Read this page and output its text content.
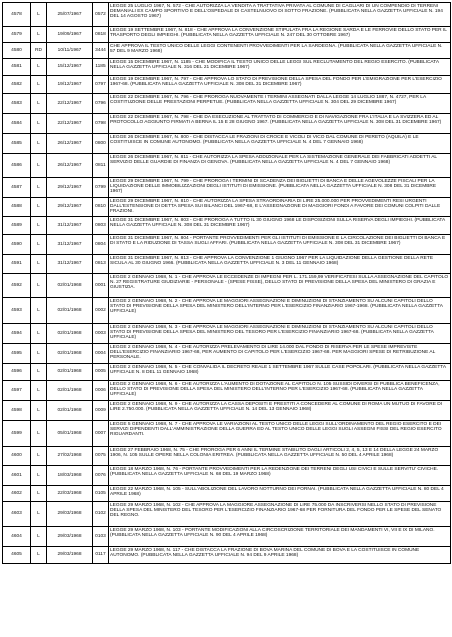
4578	L	25/07/1967	0572	LEGGE 25 LUGLIO 1967, N. 572 - CHE AUTORIZZA LA VENDITA A TRATTATIVA PRIVATA AL COMUNE DI CAGLIARI DI UN COMPENDIO DI TERRENI DEMANIALI EX CAMPO SPORTIVO E DELL'OSPEDALE DI CASTELNUOVO DI SOTTO FRAZIONE. (PUBBLICATA NELLA GAZZETTA UFFICIALE N. 194 DEL 14 AGOSTO 1967)
4579	L	19/09/1967	0818	LEGGE 19 SETTEMBRE 1967, N. 818 - CHE APPROVA LA CONVENZIONE STIPULATA FRA LA REGIONE SARDA E LE FERROVIE DELLO STATO PER IL TRASPORTO DEGLI IMPIEGHI. (PUBBLICATA NELLA GAZZETTA UFFICIALE N. 247 DEL 30 OTTOBRE 1967)
4580	RD	10/11/1967	3444	CHE APPROVA IL TESTO UNICO DELLE LEGGI CONTENENTI PROVVEDIMENTI PER LA SARDEGNA. (PUBBLICATA NELLA GAZZETTA UFFICIALE N. 57 DEL 9 MARZO 1968)
4581	L	15/12/1967	1185	LEGGE 15 DICEMBRE 1967, N. 1185 - CHE MODIFICA IL TESTO UNICO DELLE LEGGI SUL RECLUTAMENTO DEL REGIO ESERCITO. (PUBBLICATA NELLA GAZZETTA UFFICIALE N. 316 DEL 21 DICEMBRE 1967)
4582	L	19/12/1967	0797	LEGGE 19 DICEMBRE 1967, N. 797 - CHE APPROVA LO STATO DI PREVISIONE DELLA SPESA DEL FONDO PER L'EMIGRAZIONE PER L'ESERCIZIO 1967-68. (PUBBLICATA NELLA GAZZETTA UFFICIALE N. 308 DEL 31 DICEMBRE 1967)
4583	L	22/12/1967	0796	LEGGE 22 DICEMBRE 1967, N. 796 - CHE PROROGA NUOVAMENTE I TERMINI ASSEGNATI DALLA LEGGE 14 LUGLIO 1887, N. 4727, PER LA COSTITUZIONE DELLE PRESTAZIONI PERPETUE. (PUBBLICATA NELLA GAZZETTA UFFICIALE N. 304 DEL 29 DICEMBRE 1967)
4584	L	22/12/1967	0798	LEGGE 22 DICEMBRE 1967, N. 798 - CHE DA ESECUZIONE AL TRATTATO DI COMMERCIO E DI NAVIGAZIONE FRA L'ITALIA E LA SVIZZERA ED AL PROTOCOLLO AGGIUNTO FIRMATI A BERNA IL 15 E 28 GIUGNO 1967. (PUBBLICATA NELLA GAZZETTA UFFICIALE N. 308 DEL 31 DICEMBRE 1967)
4585	L	26/12/1967	0800	LEGGE 26 DICEMBRE 1967, N. 800 - CHE DISTACCA LE FRAZIONI DI CROCE E VICOLI DI VICO DAL COMUNE DI PERETO (AQUILA) E LE COSTITUISCE IN COMUNE AUTONOMO. (PUBBLICATA NELLA GAZZETTA UFFICIALE N. 4 DEL 7 GENNAIO 1968)
4586	L	26/12/1967	0811	LEGGE 26 DICEMBRE 1967, N. 811 - CHE AUTORIZZA LA SPESA ADDIZIONALE PER LA SISTEMAZIONE GENERALE DEI FABBRICATI ADDETTI AL SERVIZIO DELLE GUARDIE DI FINANZA DI GENOVA. (PUBBLICATA NELLA GAZZETTA UFFICIALE N. 4 DEL 7 GENNAIO 1968)
4587	L	29/12/1967	0799	LEGGE 29 DICEMBRE 1967, N. 799 - CHE PROROGA I TERMINI DI SCADENZA DEI BIGLIETTI DI BANCA E DELLE AGEVOLEZZE FISCALI PER LA LIQUIDAZIONE DELLE IMMOBILIZZAZIONI DEGLI ISTITUTI DI EMISSIONE. (PUBBLICATA NELLA GAZZETTA UFFICIALE N. 308 DEL 31 DICEMBRE 1967)
4588	L	29/12/1967	0810	LEGGE 29 DICEMBRE 1967, N. 810 - CHE AUTORIZZA LA SPESA STRAORDINARIA DI LIRE 25.000.000 PER PROVVEDIMENTI RESI URGENTI DALL'ESTENSIONE DI DETTA SPESA SUI BILANCI DEL 1967-68, E L'ASSEGNAZIONE DI MAGGIORI FONDI A FAVORE DEI COMUNI COLPITI DALLE FRAZIONI.
4589	L	31/12/1967	0803	LEGGE 31 DICEMBRE 1967, N. 803 - CHE PROROGA A TUTTO IL 30 GIUGNO 1968 LE DISPOSIZIONI SULLA RISERVA DEGLI IMPIEGHI. (PUBBLICATA NELLA GAZZETTA UFFICIALE N. 308 DEL 31 DICEMBRE 1967)
4590	L	31/12/1967	0804	LEGGE 31 DICEMBRE 1967, N. 804 - PORTANTE PROVVEDIMENTI PER GLI ISTITUTI DI EMISSIONE E LA CIRCOLAZIONE DEI BIGLIETTI DI BANCA E DI STATO E LA RIDUZIONE DI TASSA SUGLI AFFARI. (PUBBLICATA NELLA GAZZETTA UFFICIALE N. 308 DEL 31 DICEMBRE 1967)
4591	L	31/12/1967	0813	LEGGE 31 DICEMBRE 1967, N. 813 - CHE APPROVA LA CONVENZIONE 1 GIUGNO 1967 PER LA LIQUIDAZIONE DELLA GESTIONE DELLA RETE SICULA AL 30 GIUGNO 1966. (PUBBLICATA NELLA GAZZETTA UFFICIALE N. 3 DEL 11 GENNAIO 1968)
4592	L	02/01/1968	0001	LEGGE 2 GENNAIO 1968, N. 1 - CHE APPROVA LE ECCEDENZE DI IMPEGNI PER L. 171.159,99 VERIFICATESI SULLA ASSEGNAZIONE DEL CAPITOLO N. 27 REGISTRATURE GIUDIZIARIE - PERSONALE - (SPESE FISSE), DELLO STATO DI PREVISIONE DELLA SPESA DEL MINISTERO DI GRAZIA E GIUSTIZIA.
4593	L	02/01/1968	0002	LEGGE 2 GENNAIO 1968, N. 2 - CHE APPROVA LE MAGGIORI ASSEGNAZIONI E DIMINUZIONI DI STANZIAMENTO SU ALCUNI CAPITOLI DELLO STATO DI PREVISIONE DELLA SPESA DEL MINISTERO DELL'INTERNO PER L'ESERCIZIO FINANZIARIO 1967-1968. (PUBBLICATA NELLA GAZZETTA UFFICIALE)
4594	L	02/01/1968	0003	LEGGE 2 GENNAIO 1968, N. 3 - CHE APPROVA LE MAGGIORI ASSEGNAZIONI E DIMINUZIONI DI STANZIAMENTO SU ALCUNI CAPITOLI DELLO STATO DI PREVISIONE DELLA SPESA DEL MINISTERO DEL TESORO PER L'ESERCIZIO FINANZIARIO 1967-68. (PUBBLICATA NELLA GAZZETTA UFFICIALE)
4595	L	02/01/1968	0004	LEGGE 2 GENNAIO 1968, N. 4 - CHE AUTORIZZA PRELEVAMENTO DI LIRE 14.000 DAL FONDO DI RISERVA PER LE SPESE IMPREVISTE DELL'ESERCIZIO FINANZIARIO 1967-68, PER AUMENTO DI CAPITOLO PER L'ESERCIZIO 1967-68. PER MAGGIORI SPESE DI RETRIBUZIONE AL PERSONALE.
4596	L	02/01/1968	0005	LEGGE 2 GENNAIO 1968, N. 5 - CHE CONVALIDA IL DECRETO REALE 1 SETTEMBRE 1967 SULLE CASE POPOLARI. (PUBBLICATA NELLA GAZZETTA UFFICIALE N. 8 DEL 11 GENNAIO 1968)
4597	L	02/01/1968	0006	LEGGE 2 GENNAIO 1968, N. 6 - CHE AUTORIZZA L'AUMENTO DI DOTAZIONE AL CAPITOLO N. 105 SUSSIDI DIVERSI DI PUBBLICA BENEFICENZA, DELLO STATO DI PREVISIONE DELLA SPESA DEL MINISTERO DELL'INTERNO PER L'ESERCIZIO 1967-68. (PUBBLICATA NELLA GAZZETTA UFFICIALE)
4598	L	02/01/1968	0009	LEGGE 2 GENNAIO 1968, N. 9 - CHE AUTORIZZA LA CASSA DEPOSITI E PRESTITI A CONCEDERE AL COMUNE DI ROMA UN MUTUO DI FAVORE DI LIRE 2.750.000. (PUBBLICATA NELLA GAZZETTA UFFICIALE N. 14 DEL 13 GENNAIO 1968)
4599	L	05/01/1968	0007	LEGGE 5 GENNAIO 1968, N. 7 - CHE APPROVA LE VARIAZIONI AL TESTO UNICO DELLE LEGGI SULL'ORDINAMENTO DEL REGIO ESERCITO E DEI SERVIZI DIPENDENTI DALL'AMMINISTRAZIONE DELLA GUERRA ED AL TESTO UNICO DELLE LEGGI SUGLI ASSEGNI FISSI DEL REGIO ESERCITO RIGUARDANTI.
4600	L	27/02/1968	0075	LEGGE 27 FEBBRAIO 1968, N. 75 - CHE PROROGA PER 6 ANNI IL TERMINE STABILITO DAGLI ARTICOLI 2, 4, 5, 13 E 14 DELLA LEGGE 24 MARZO 1906, N. 105 SULLE OPERE NELLA COLONIA ERITREA. (PUBBLICATA NELLA GAZZETTA UFFICIALE N. 50 DEL 4 APRILE 1968)
4601	L	18/03/1968	0076	LEGGE 18 MARZO 1968, N. 76 - PORTANTE PROVVEDIMENTI PER LA REDENZIONE DEI TERRENI DEGLI USI CIVICI E SULLE SERVITU' CIVICHE. (PUBBLICATA NELLA GAZZETTA UFFICIALE N. 68 DEL 19 MARZO 1968)
4602	L	22/03/1968	0105	LEGGE 22 MARZO 1968, N. 105 - SULL'ABOLIZIONE DEL LAVORO NOTTURNO DEI FORNAI. (PUBBLICATA NELLA GAZZETTA UFFICIALE N. 80 DEL 4 APRILE 1968)
4603	L	29/03/1968	0102	LEGGE 29 MARZO 1968, N. 102 - CHE APPROVA LA MAGGIORE ASSEGNAZIONE DI LIRE 75.000 DA INSCRIVERSI NELLO STATO DI PREVISIONE DELLA SPESA DEL MINISTERO DEL TESORO PER L'ESERCIZIO FINANZIARIO 1967-68 PER FORNITURA DEL FONDO PER LE SPESE DEL SENATO DEL REGNO.
4604	L	29/03/1968	0103	LEGGE 29 MARZO 1968, N. 103 - PORTANTE MODIFICAZIONI ALLA CIRCOSCRIZIONE TERRITORIALE DEI MANDAMENTI VI, VII E IX DI MILANO. (PUBBLICATA NELLA GAZZETTA UFFICIALE N. 90 DEL 4 APRILE 1968)
4605	L	29/03/1968	0117	LEGGE 29 MARZO 1968, N. 117 - CHE DISTACCA LA FRAZIONE DI BOVA MARINA DEL COMUNE DI BOVA E LA COSTITUISCE IN COMUNE AUTONOMO. (PUBBLICATA NELLA GAZZETTA UFFICIALE N. 94 DEL 9 APRILE 1968)
